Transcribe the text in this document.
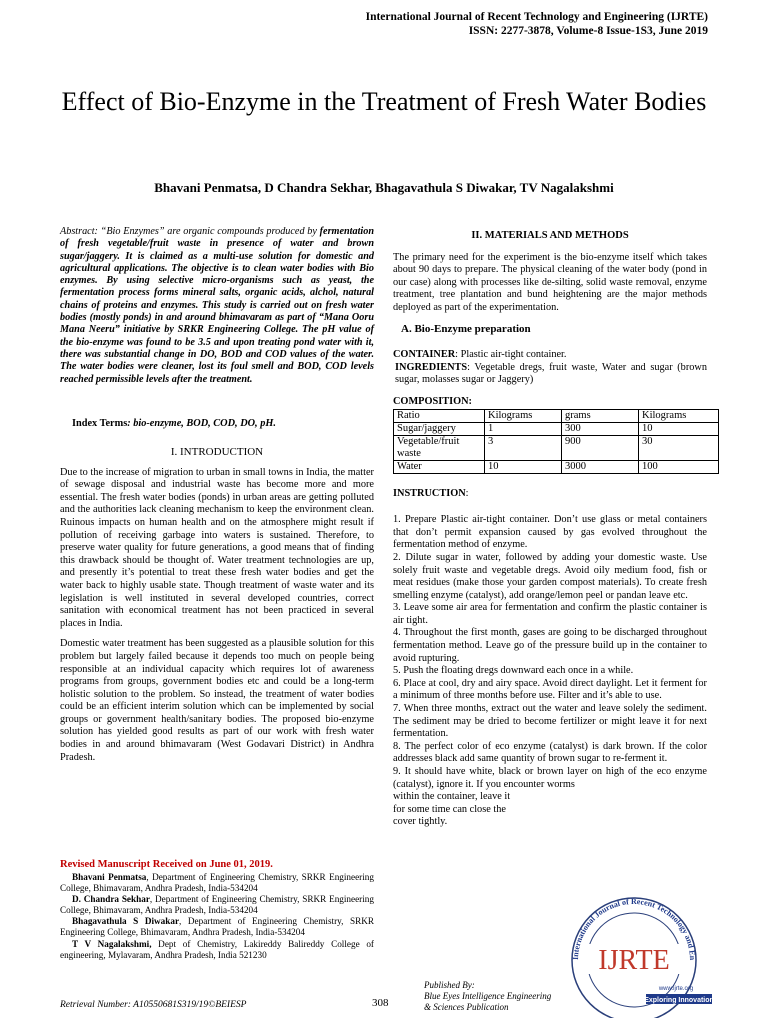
International Journal of Recent Technology and Engineering (IJRTE)
ISSN: 2277-3878, Volume-8 Issue-1S3, June 2019
Effect of Bio-Enzyme in the Treatment of Fresh Water Bodies
Bhavani Penmatsa, D Chandra Sekhar, Bhagavathula S Diwakar, TV Nagalakshmi
Abstract: “Bio Enzymes” are organic compounds produced by fermentation of fresh vegetable/fruit waste in presence of water and brown sugar/jaggery. It is claimed as a multi-use solution for domestic and agricultural applications. The objective is to clean water bodies with Bio enzymes. By using selective micro-organisms such as yeast, the fermentation process forms mineral salts, organic acids, alchol, natural chains of proteins and enzymes. This study is carried out on fresh water bodies (mostly ponds) in and around bhimavaram as part of “Mana Ooru Mana Neeru” initiative by SRKR Engineering College. The pH value of the bio-enzyme was found to be 3.5 and upon treating pond water with it, there was substantial change in DO, BOD and COD values of the water. The water bodies were cleaner, lost its foul smell and BOD, COD levels reached permissible levels after the treatment.
Index Terms: bio-enzyme, BOD, COD, DO, pH.
I. INTRODUCTION

Due to the increase of migration to urban in small towns in India, the matter of sewage disposal and industrial waste has become more and more essential. The fresh water bodies (ponds) in urban areas are getting polluted and the authorities lack cleaning mechanism to keep the environment clean. Ruinous impacts on human health and on the atmosphere might result if pollution of receiving garbage into waters is sustained. Therefore, to preserve water quality for future generations, a good means that of finding this drawback should be thought of. Water treatment technologies are up, and presently it’s potential to treat these fresh water bodies and get the water back to highly usable state. Though treatment of waste water and its legislation is well instituted in several developed countries, correct sanitation with economical treatment has not been practiced in several places in India.

Domestic water treatment has been suggested as a plausible solution for this problem but largely failed because it depends too much on people being responsible at an individual capacity which requires lot of awareness programs from groups, government bodies etc and could be a long-term holistic solution to the problem. So instead, the treatment of water bodies could be an efficient interim solution which can be implemented by social groups or government health/sanitary bodies. The proposed bio-enzyme solution has yielded good results as part of our work with fresh water bodies in and around bhimavaram (West Godavari District) in Andhra Pradesh.

Revised Manuscript Received on June 01, 2019.

Bhavani Penmatsa, Department of Engineering Chemistry, SRKR Engineering College, Bhimavaram, Andhra Pradesh, India-534204

D. Chandra Sekhar, Department of Engineering Chemistry, SRKR Engineering College, Bhimavaram, Andhra Pradesh, India-534204

Bhagavathula S Diwakar, Department of Engineering Chemistry, SRKR Engineering College, Bhimavaram, Andhra Pradesh, India-534204

T V Nagalakshmi, Dept of Chemistry, Lakireddy Balireddy College of engineering, Mylavaram, Andhra Pradesh, India 521230

II. MATERIALS AND METHODS

The primary need for the experiment is the bio-enzyme itself which takes about 90 days to prepare. The physical cleaning of the water body (pond in our case) along with processes like de-silting, solid waste removal, enzyme treatment, tree plantation and bund heightening are the major methods deployed as part of the experimentation.

A. Bio-Enzyme preparation

CONTAINER: Plastic air-tight container.

INGREDIENTS: Vegetable dregs, fruit waste, Water and sugar (brown sugar, molasses sugar or Jaggery)

COMPOSITION:

Ratio	Kilograms	grams	Kilograms
Sugar/jaggery	1	300	10
Vegetable/fruit waste	3	900	30
Water	10	3000	100

INSTRUCTION:

1. Prepare Plastic air-tight container. Don’t use glass or metal containers that don’t permit expansion caused by gas evolved throughout the fermentation method of enzyme.

2. Dilute sugar in water, followed by adding your domestic waste. Use solely fruit waste and vegetable dregs. Avoid oily medium food, fish or meat residues (make those your garden compost materials). To create fresh smelling enzyme (catalyst), add orange/lemon peel or pandan leave etc.

3. Leave some air area for fermentation and confirm the plastic container is air tight.

4. Throughout the first month, gases are going to be discharged throughout fermentation method. Leave go of the pressure build up in the container to avoid rupturing.

5. Push the floating dregs downward each once in a while.

6. Place at cool, dry and airy space. Avoid direct daylight. Let it ferment for a minimum of three months before use. Filter and it’s able to use.

7. When three months, extract out the water and leave solely the sediment. The sediment may be dried to become fertilizer or might leave it for next fermentation.

8. The perfect color of eco enzyme (catalyst) is dark brown. If the color addresses black add same quantity of brown sugar to re-ferment it.

9. It should have white, black or brown layer on high of the eco enzyme (catalyst), ignore it. If you encounter worms

within the container, leave it
for some time can close the
cover tightly.
International Journal of Recent Technology and En
IJRTE
www.ijrte.org
Exploring Innovation
Retrieval Number: A10550681S319/19©BEIESP	308
Published By:
Blue Eyes Intelligence Engineering
& Sciences Publication
